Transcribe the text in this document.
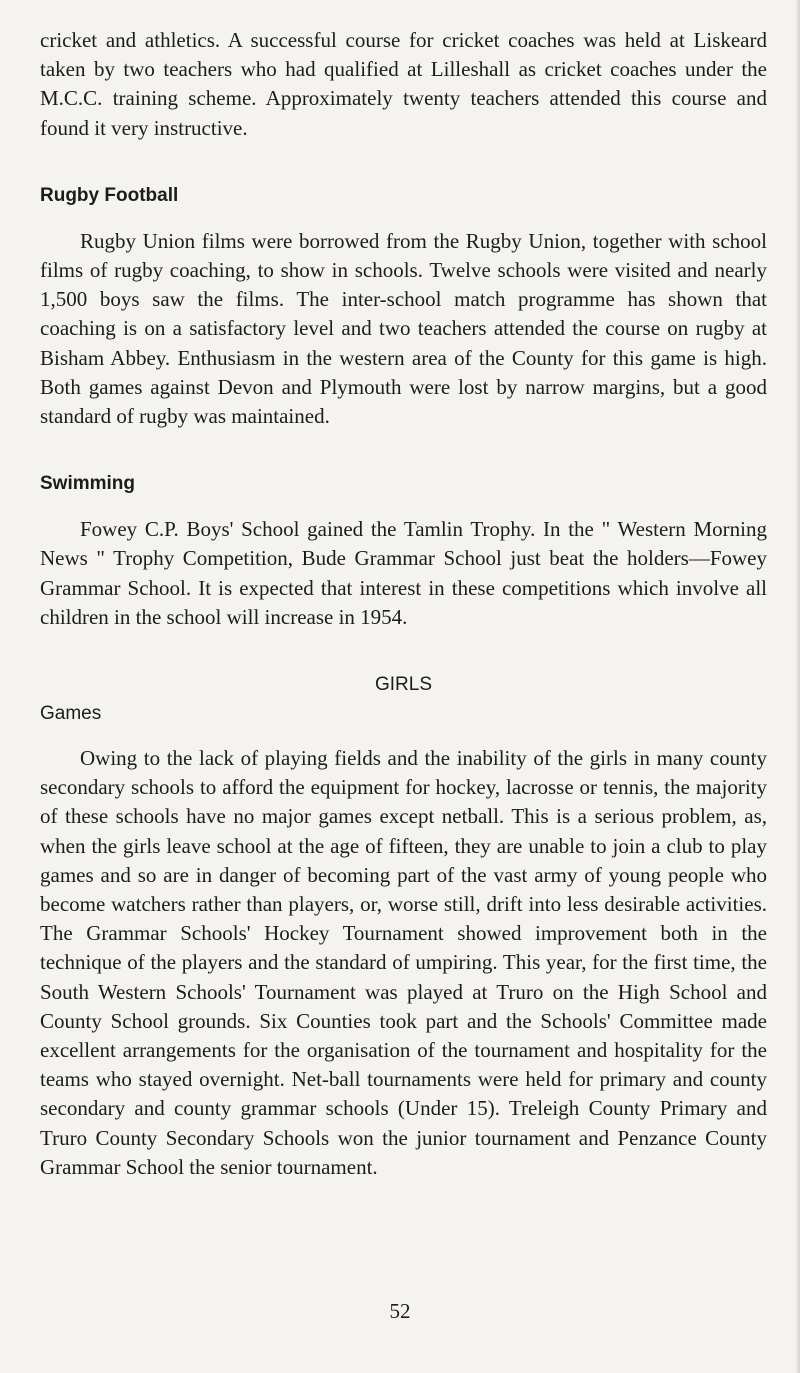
cricket and athletics. A successful course for cricket coaches was held at Liskeard taken by two teachers who had qualified at Lilleshall as cricket coaches under the M.C.C. training scheme. Approximately twenty teachers attended this course and found it very instructive.

Rugby Football

Rugby Union films were borrowed from the Rugby Union, together with school films of rugby coaching, to show in schools. Twelve schools were visited and nearly 1,500 boys saw the films. The inter-school match programme has shown that coaching is on a satisfactory level and two teachers attended the course on rugby at Bisham Abbey. Enthusiasm in the western area of the County for this game is high. Both games against Devon and Plymouth were lost by narrow margins, but a good standard of rugby was maintained.

Swimming

Fowey C.P. Boys' School gained the Tamlin Trophy. In the " Western Morning News " Trophy Competition, Bude Grammar School just beat the holders—Fowey Grammar School. It is expected that interest in these competitions which involve all children in the school will increase in 1954.

GIRLS
Games

Owing to the lack of playing fields and the inability of the girls in many county secondary schools to afford the equipment for hockey, lacrosse or tennis, the majority of these schools have no major games except netball. This is a serious problem, as, when the girls leave school at the age of fifteen, they are unable to join a club to play games and so are in danger of becoming part of the vast army of young people who become watchers rather than players, or, worse still, drift into less desirable activities. The Grammar Schools' Hockey Tournament showed improvement both in the technique of the players and the standard of umpiring. This year, for the first time, the South Western Schools' Tournament was played at Truro on the High School and County School grounds. Six Counties took part and the Schools' Committee made excellent arrangements for the organisation of the tournament and hospitality for the teams who stayed overnight. Net-ball tournaments were held for primary and county secondary and county grammar schools (Under 15). Treleigh County Primary and Truro County Secondary Schools won the junior tournament and Penzance County Grammar School the senior tournament.

52
